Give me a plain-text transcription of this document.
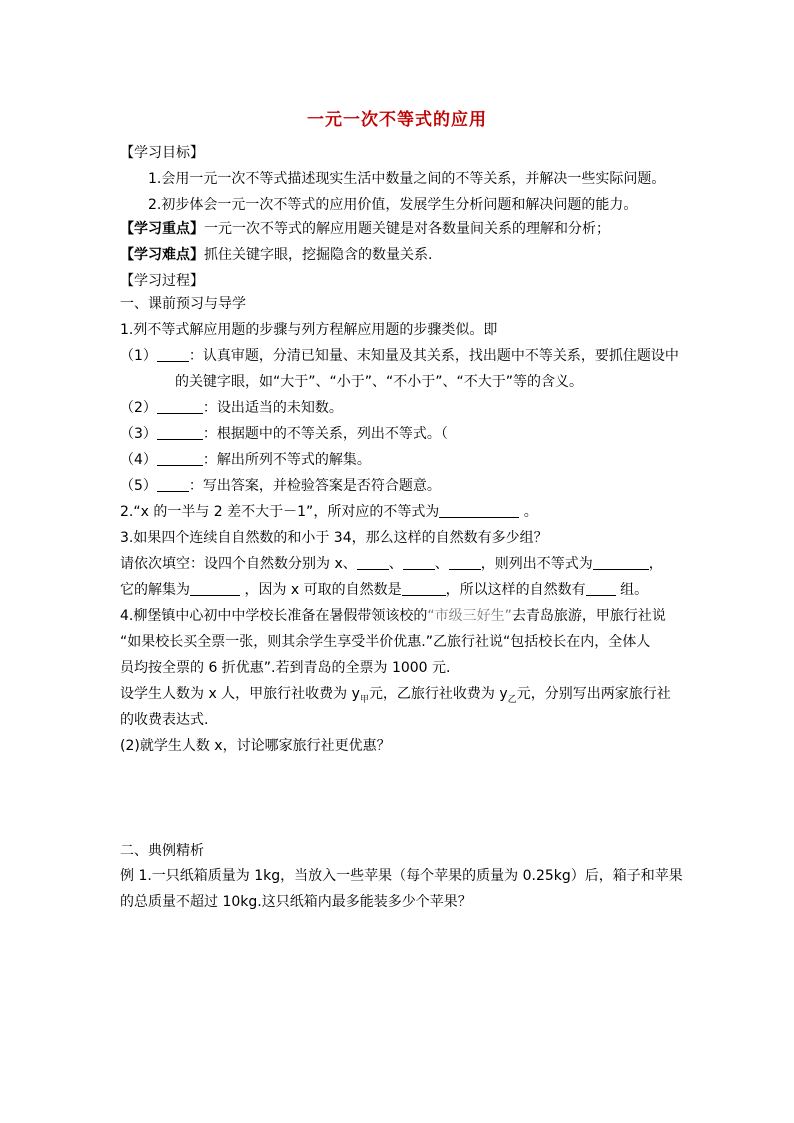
一元一次不等式的应用
【学习目标】
1.会用一元一次不等式描述现实生活中数量之间的不等关系，并解决一些实际问题。
2.初步体会一元一次不等式的应用价值，发展学生分析问题和解决问题的能力。
【学习重点】一元一次不等式的解应用题关键是对各数量间关系的理解和分析；
【学习难点】抓住关键字眼，挖掘隐含的数量关系.
【学习过程】
一、课前预习与导学
1.列不等式解应用题的步骤与列方程解应用题的步骤类似。即
（1） ：认真审题，分清已知量、末知量及其关系，找出题中不等关系，要抓住题设中
的关键字眼，如“大于”、“小于”、“不小于”、“不大于”等的含义。
（2）	：设出适当的未知数。
（3）	：根据题中的不等关系，列出不等式。（
（4）	：解出所列不等式的解集。
（5） ：写出答案，并检验答案是否符合题意。
2.“x 的一半与 2 差不大于－1”，所对应的不等式为	。
3.如果四个连续自自然数的和小于 34，那么这样的自然数有多少组？
请依次填空：设四个自然数分别为 x、 、 、 ，则列出不等式为	，
它的解集为	，因为 x 可取的自然数是	，所以这样的自然数有 组。
4.柳堡镇中心初中中学校长准备在暑假带领该校的“市级三好生”去青岛旅游，甲旅行社说
“如果校长买全票一张，则其余学生享受半价优惠.”乙旅行社说“包括校长在内，全体人
员均按全票的 6 折优惠”.若到青岛的全票为 1000 元.
设学生人数为 x 人，甲旅行社收费为 $y_甲$元，乙旅行社收费为 $y_乙$元，分别写出两家旅行社
的收费表达式.
(2)就学生人数 x，讨论哪家旅行社更优惠？
二、典例精析
例 1.一只纸箱质量为 1kg，当放入一些苹果（每个苹果的质量为 0.25kg）后，箱子和苹果
的总质量不超过 10kg.这只纸箱内最多能装多少个苹果？
